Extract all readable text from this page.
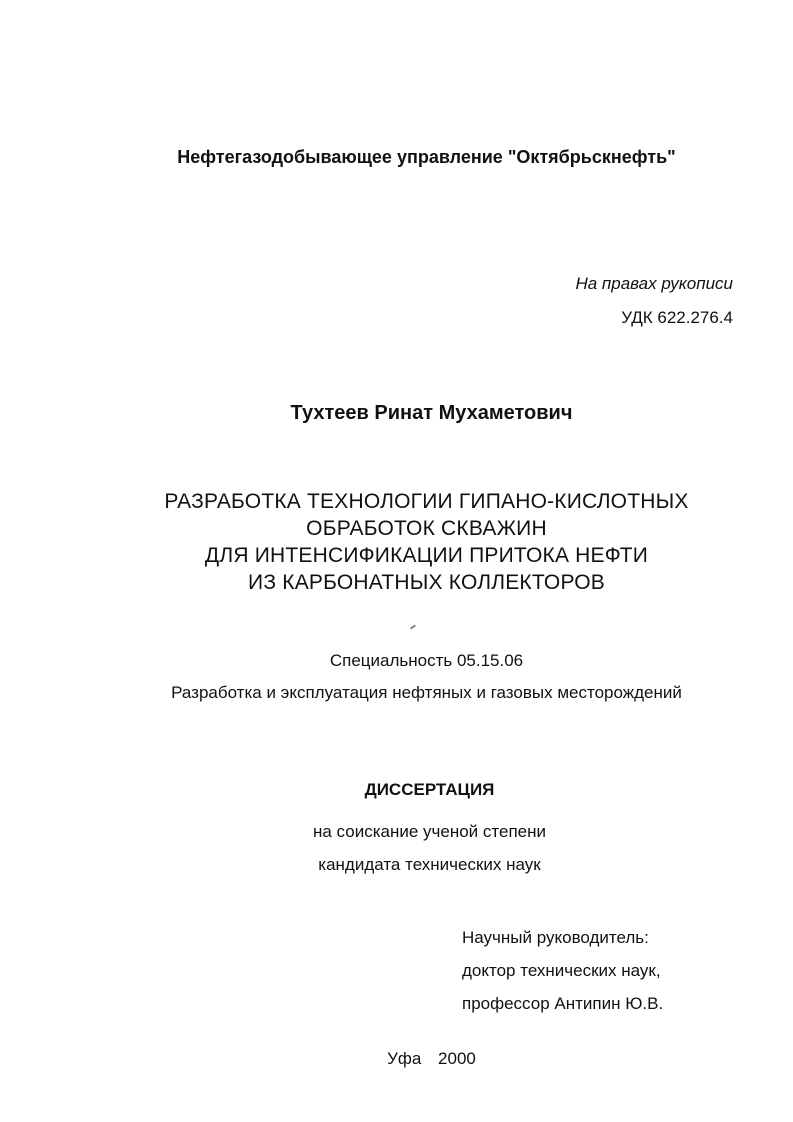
Нефтегазодобывающее управление "Октябрьскнефть"
На правах рукописи
УДК 622.276.4
Тухтеев Ринат Мухаметович
РАЗРАБОТКА ТЕХНОЛОГИИ ГИПАНО-КИСЛОТНЫХ
ОБРАБОТОК СКВАЖИН
ДЛЯ ИНТЕНСИФИКАЦИИ ПРИТОКА НЕФТИ
ИЗ КАРБОНАТНЫХ КОЛЛЕКТОРОВ
Специальность 05.15.06
Разработка и эксплуатация нефтяных и газовых месторождений
ДИССЕРТАЦИЯ
на соискание ученой степени
кандидата технических наук
Научный руководитель:
доктор технических наук,
профессор Антипин Ю.В.
Уфа 2000
